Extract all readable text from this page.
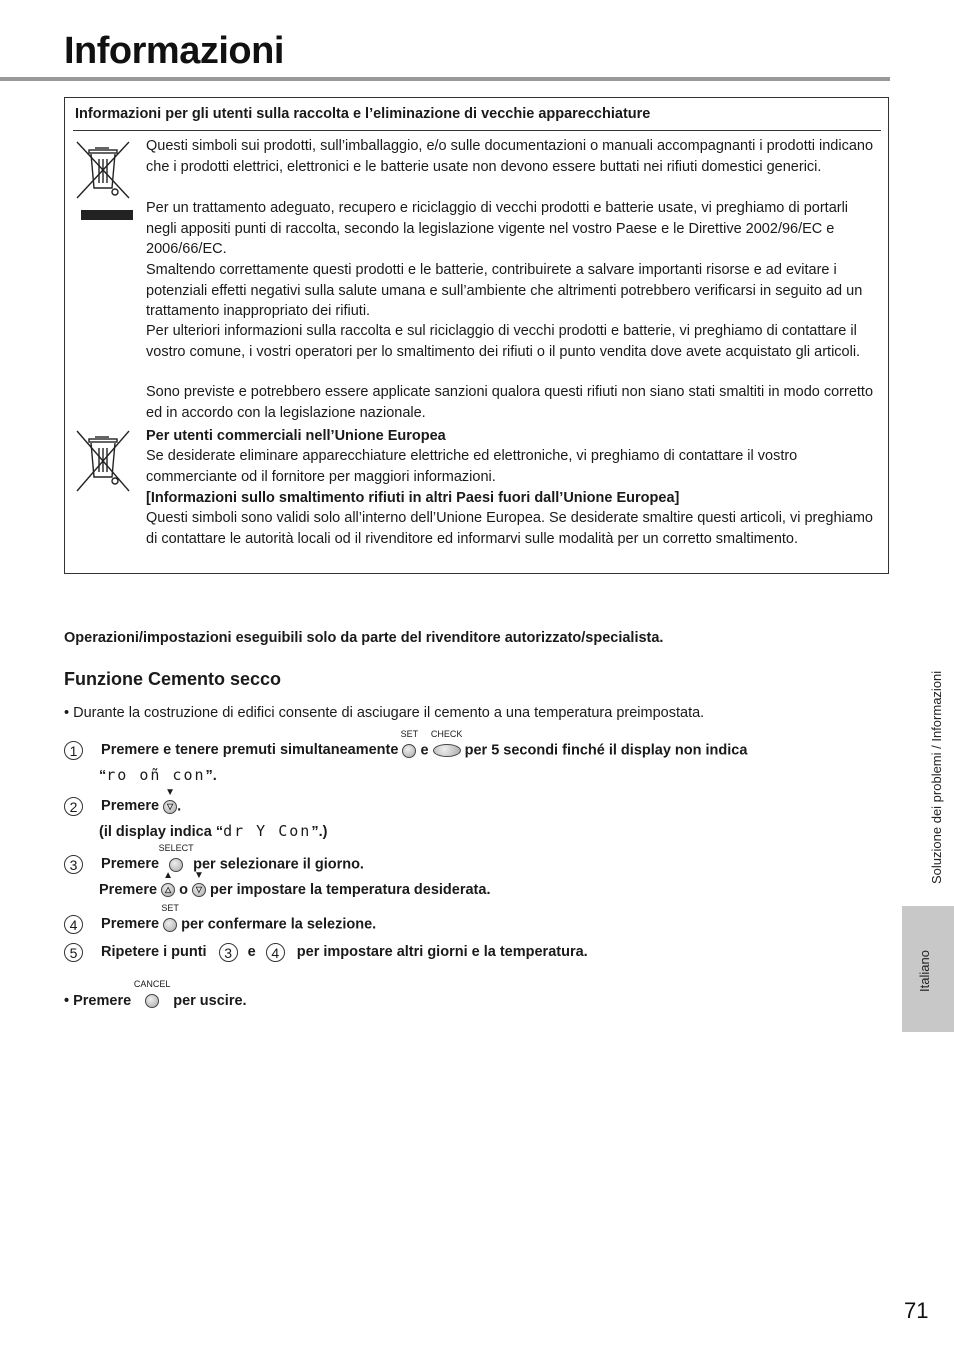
Informazioni
Informazioni per gli utenti sulla raccolta e l’eliminazione di vecchie apparecchiature
Questi simboli sui prodotti, sull’imballaggio, e/o sulle documentazioni o manuali accompagnanti i prodotti indicano che i prodotti elettrici, elettronici e le batterie usate non devono essere buttati nei rifiuti domestici generici.
Per un trattamento adeguato, recupero e riciclaggio di vecchi prodotti e batterie usate, vi preghiamo di portarli negli appositi punti di raccolta, secondo la legislazione vigente nel vostro Paese e le Direttive 2002/96/EC e 2006/66/EC.
Smaltendo correttamente questi prodotti e le batterie, contribuirete a salvare importanti risorse e ad evitare i potenziali effetti negativi sulla salute umana e sull’ambiente che altrimenti potrebbero verificarsi in seguito ad un trattamento inappropriato dei rifiuti.
Per ulteriori informazioni sulla raccolta e sul riciclaggio di vecchi prodotti e batterie, vi preghiamo di contattare il vostro comune, i vostri operatori per lo smaltimento dei rifiuti o il punto vendita dove avete acquistato gli articoli.
Sono previste e potrebbero essere applicate sanzioni qualora questi rifiuti non siano stati smaltiti in modo corretto ed in accordo con la legislazione nazionale.
Per utenti commerciali nell’Unione Europea
Se desiderate eliminare apparecchiature elettriche ed elettroniche, vi preghiamo di contattare il vostro commerciante od il fornitore per maggiori informazioni.
[Informazioni sullo smaltimento rifiuti in altri Paesi fuori dall’Unione Europea]
Questi simboli sono validi solo all’interno dell’Unione Europea. Se desiderate smaltire questi articoli, vi preghiamo di contattare le autorità locali od il rivenditore ed informarvi sulle modalità per un corretto smaltimento.
Operazioni/impostazioni eseguibili solo da parte del rivenditore autorizzato/specialista.
Funzione Cemento secco
• Durante la costruzione di edifici consente di asciugare il cemento a una temperatura preimpostata.
1 Premere e tenere premuti simultaneamente
SET
e
CHECK
per 5 secondi finché il display non indica
“ro oñ con”.
2 Premere
▼
▽ .
(il display indica “dr Y Con”.)
3 Premere
SELECT
per selezionare il giorno.
Premere
▲
△ o
▼
▽ per impostare la temperatura desiderata.
4 Premere
SET
per confermare la selezione.
5 Ripetere i punti 3 e 4 per impostare altri giorni e la temperatura.
• Premere
CANCEL
per uscire.
Soluzione dei problemi / Informazioni
Italiano
71
